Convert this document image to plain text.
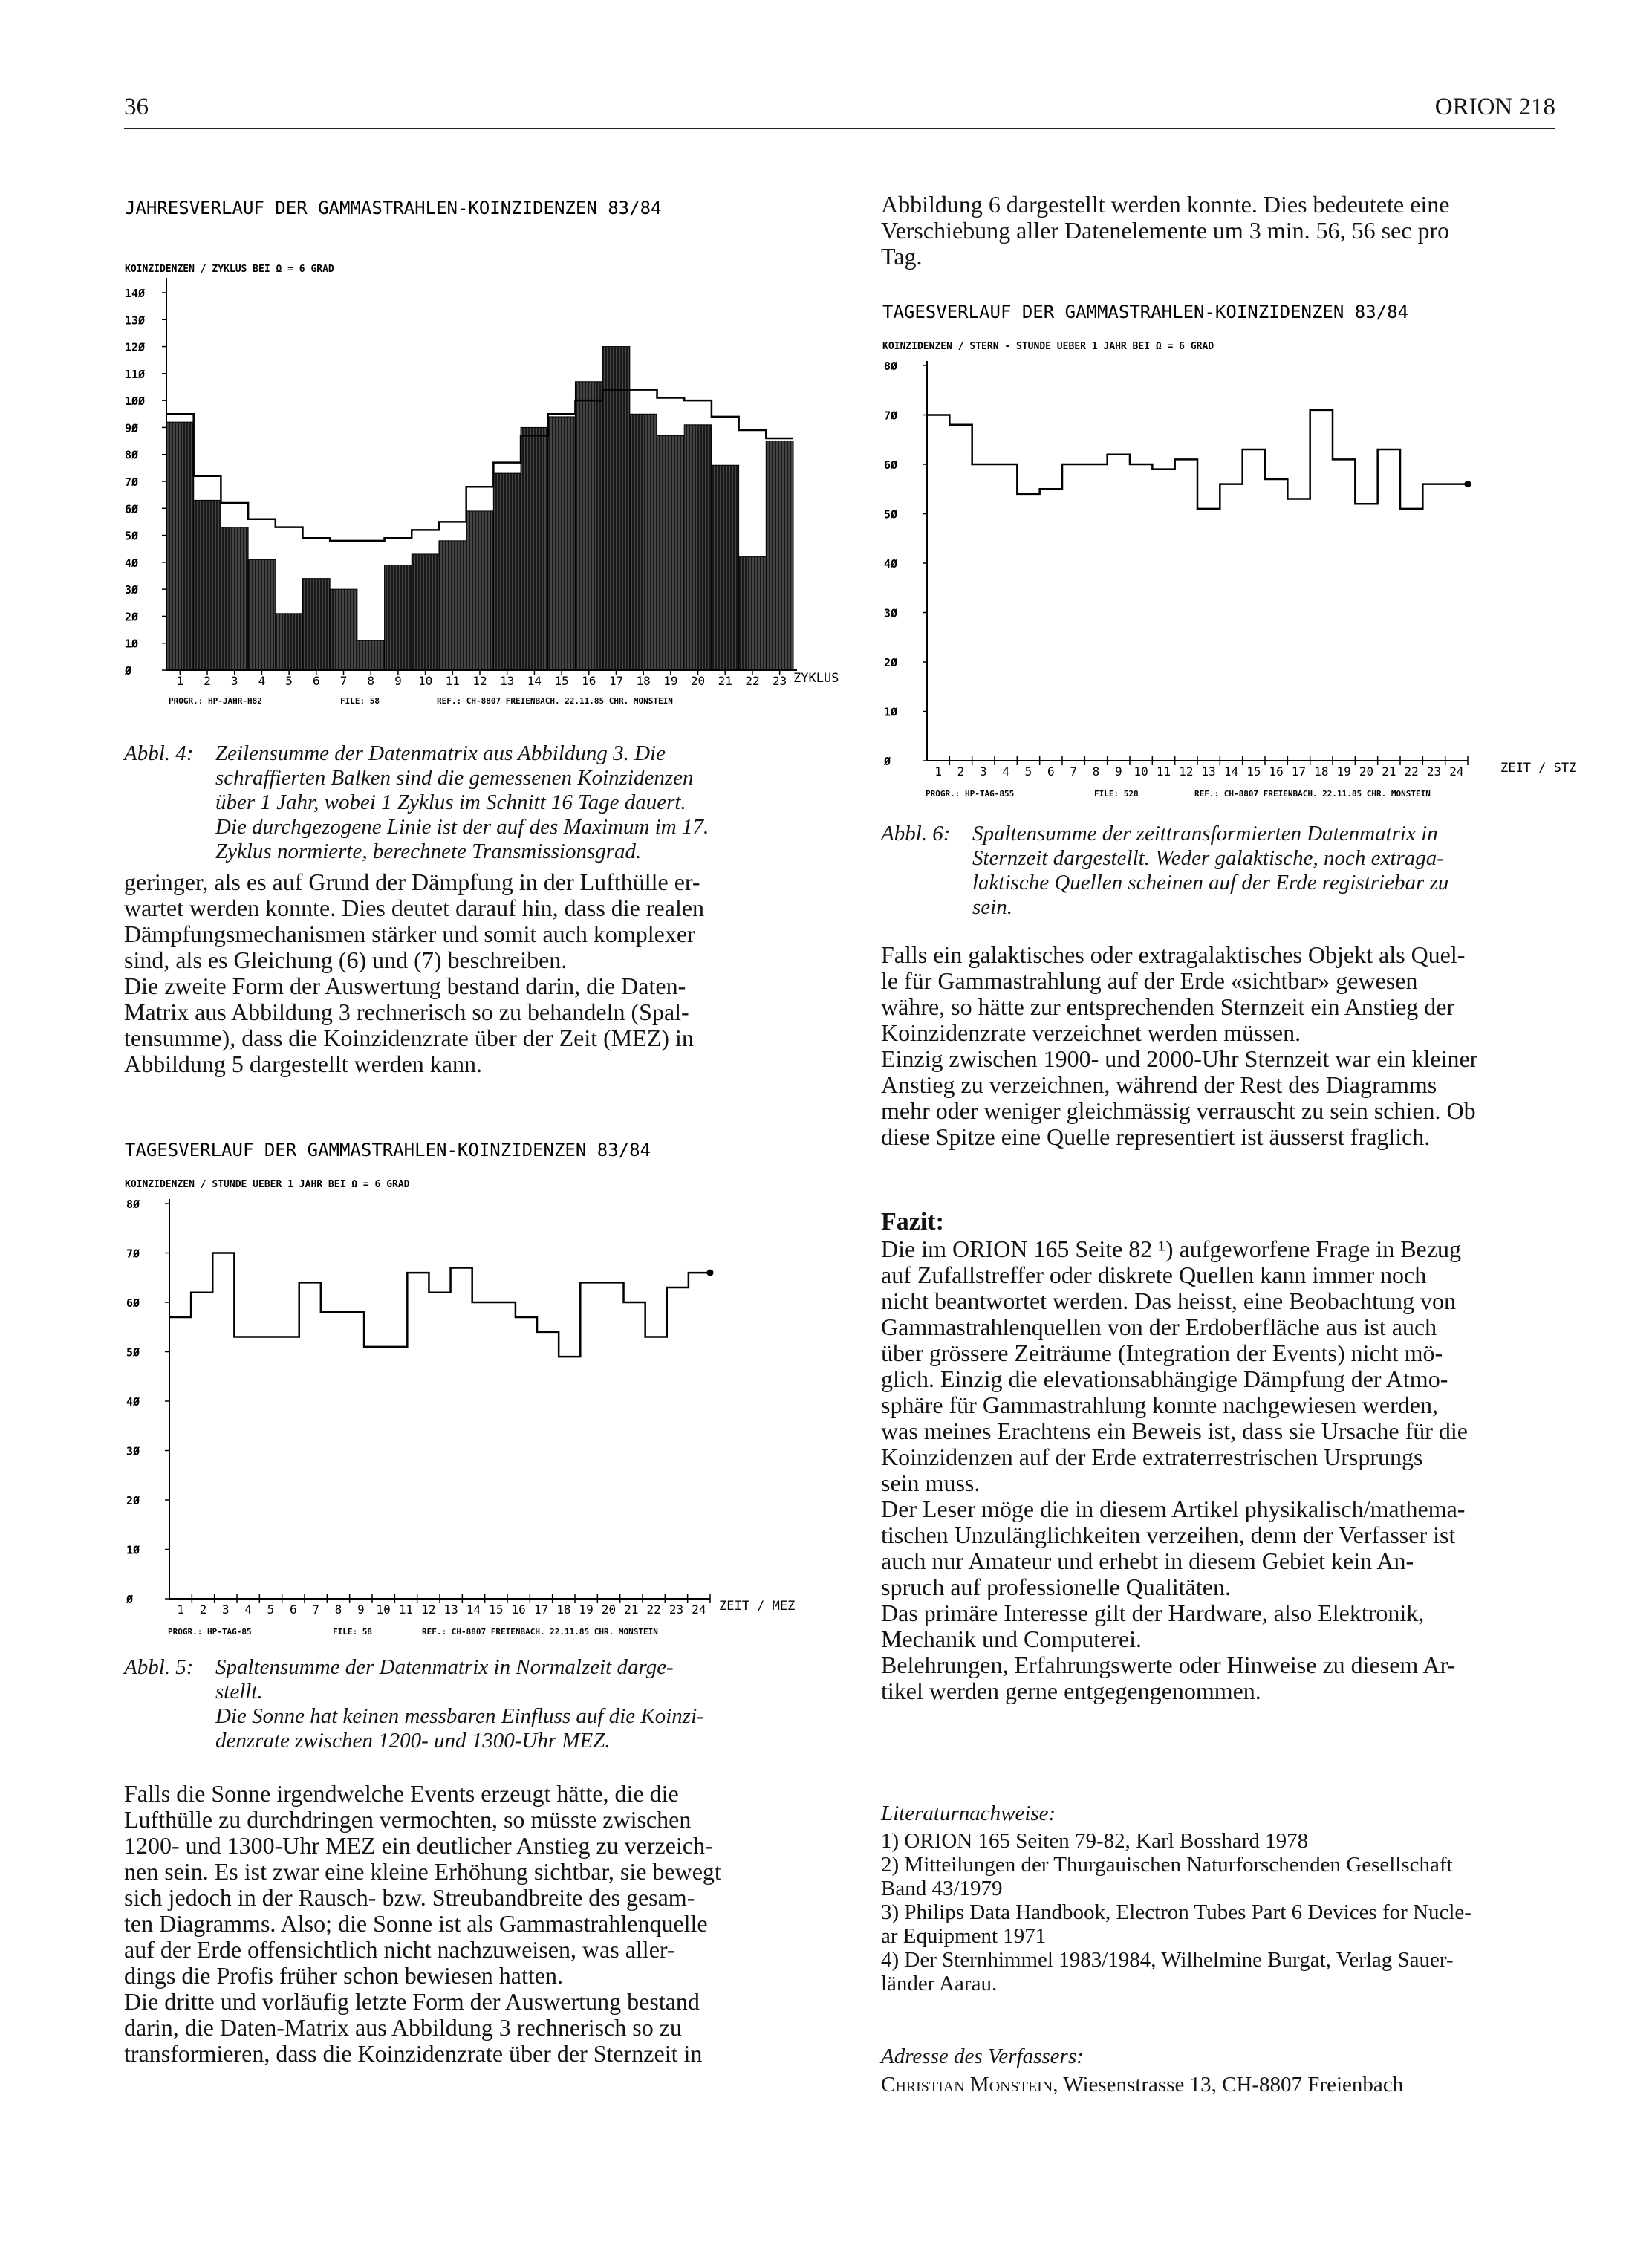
36	ORION 218
JAHRESVERLAUF DER GAMMASTRAHLEN-KOINZIDENZEN 83/84
KOINZIDENZEN / ZYKLUS BEI Ω = 6 GRAD
Ø
1Ø
2Ø
3Ø
4Ø
5Ø
6Ø
7Ø
8Ø
9Ø
1ØØ
11Ø
12Ø
13Ø
14Ø
1 2 3 4 5 6 7 8 9 10 11 12 13 14 15 16 17 18 19 20 21 22 23 ZYKLUS
PROGR.: HP-JAHR-H82	FILE: 58	REF.: CH-8807 FREIENBACH. 22.11.85 CHR. MONSTEIN
Abbl. 4: Zeilensumme der Datenmatrix aus Abbildung 3. Die

schraffierten Balken sind die gemessenen Koinzidenzen

über 1 Jahr, wobei 1 Zyklus im Schnitt 16 Tage dauert.

Die durchgezogene Linie ist der auf des Maximum im 17.

Zyklus normierte, berechnete Transmissionsgrad.

geringer, als es auf Grund der Dämpfung in der Lufthülle er-

wartet werden konnte. Dies deutet darauf hin, dass die realen

Dämpfungsmechanismen stärker und somit auch komplexer

sind, als es Gleichung (6) und (7) beschreiben.

Die zweite Form der Auswertung bestand darin, die Daten-

Matrix aus Abbildung 3 rechnerisch so zu behandeln (Spal-

tensumme), dass die Koinzidenzrate über der Zeit (MEZ) in

Abbildung 5 dargestellt werden kann.

TAGESVERLAUF DER GAMMASTRAHLEN-KOINZIDENZEN 83/84
KOINZIDENZEN / STUNDE UEBER 1 JAHR BEI Ω = 6 GRAD
Ø
1Ø
2Ø
3Ø
4Ø
5Ø
6Ø
7Ø
8Ø
1 2 3 4 5 6 7 8 9 10 11 12 13 14 15 16 17 18 19 20 21 22 23 24 ZEIT / MEZ
PROGR.: HP-TAG-85	FILE: 58	REF.: CH-8807 FREIENBACH. 22.11.85 CHR. MONSTEIN
Abbl. 5: Spaltensumme der Datenmatrix in Normalzeit darge-

stellt.

Die Sonne hat keinen messbaren Einfluss auf die Koinzi-

denzrate zwischen 1200- und 1300-Uhr MEZ.

Falls die Sonne irgendwelche Events erzeugt hätte, die die

Lufthülle zu durchdringen vermochten, so müsste zwischen

1200- und 1300-Uhr MEZ ein deutlicher Anstieg zu verzeich-

nen sein. Es ist zwar eine kleine Erhöhung sichtbar, sie bewegt

sich jedoch in der Rausch- bzw. Streubandbreite des gesam-

ten Diagramms. Also; die Sonne ist als Gammastrahlenquelle

auf der Erde offensichtlich nicht nachzuweisen, was aller-

dings die Profis früher schon bewiesen hatten.

Die dritte und vorläufig letzte Form der Auswertung bestand

darin, die Daten-Matrix aus Abbildung 3 rechnerisch so zu

transformieren, dass die Koinzidenzrate über der Sternzeit in

Abbildung 6 dargestellt werden konnte. Dies bedeutete eine

Verschiebung aller Datenelemente um 3 min. 56, 56 sec pro

Tag.

TAGESVERLAUF DER GAMMASTRAHLEN-KOINZIDENZEN 83/84
KOINZIDENZEN / STERN - STUNDE UEBER 1 JAHR BEI Ω = 6 GRAD
Ø
1Ø
2Ø
3Ø
4Ø
5Ø
6Ø
7Ø
8Ø
1 2 3 4 5 6 7 8 9 10 11 12 13 14 15 16 17 18 19 20 21 22 23 24	ZEIT / STZ
PROGR.: HP-TAG-855	FILE: 528	REF.: CH-8807 FREIENBACH. 22.11.85 CHR. MONSTEIN
Abbl. 6: Spaltensumme der zeittransformierten Datenmatrix in

Sternzeit dargestellt. Weder galaktische, noch extraga-

laktische Quellen scheinen auf der Erde registriebar zu

sein.

Falls ein galaktisches oder extragalaktisches Objekt als Quel-

le für Gammastrahlung auf der Erde «sichtbar» gewesen

währe, so hätte zur entsprechenden Sternzeit ein Anstieg der

Koinzidenzrate verzeichnet werden müssen.

Einzig zwischen 1900- und 2000-Uhr Sternzeit war ein kleiner

Anstieg zu verzeichnen, während der Rest des Diagramms

mehr oder weniger gleichmässig verrauscht zu sein schien. Ob

diese Spitze eine Quelle representiert ist äusserst fraglich.

Fazit:

Die im ORION 165 Seite 82 ¹) aufgeworfene Frage in Bezug

auf Zufallstreffer oder diskrete Quellen kann immer noch

nicht beantwortet werden. Das heisst, eine Beobachtung von

Gammastrahlenquellen von der Erdoberfläche aus ist auch

über grössere Zeiträume (Integration der Events) nicht mö-

glich. Einzig die elevationsabhängige Dämpfung der Atmo-

sphäre für Gammastrahlung konnte nachgewiesen werden,

was meines Erachtens ein Beweis ist, dass sie Ursache für die

Koinzidenzen auf der Erde extraterrestrischen Ursprungs

sein muss.

Der Leser möge die in diesem Artikel physikalisch/mathema-

tischen Unzulänglichkeiten verzeihen, denn der Verfasser ist

auch nur Amateur und erhebt in diesem Gebiet kein An-

spruch auf professionelle Qualitäten.

Das primäre Interesse gilt der Hardware, also Elektronik,

Mechanik und Computerei.

Belehrungen, Erfahrungswerte oder Hinweise zu diesem Ar-

tikel werden gerne entgegengenommen.

Literaturnachweise:

1) ORION 165 Seiten 79-82, Karl Bosshard 1978

2) Mitteilungen der Thurgauischen Naturforschenden Gesellschaft

Band 43/1979

3) Philips Data Handbook, Electron Tubes Part 6 Devices for Nucle-

ar Equipment 1971

4) Der Sternhimmel 1983/1984, Wilhelmine Burgat, Verlag Sauer-

länder Aarau.

Adresse des Verfassers:
Christian Monstein, Wiesenstrasse 13, CH-8807 Freienbach
